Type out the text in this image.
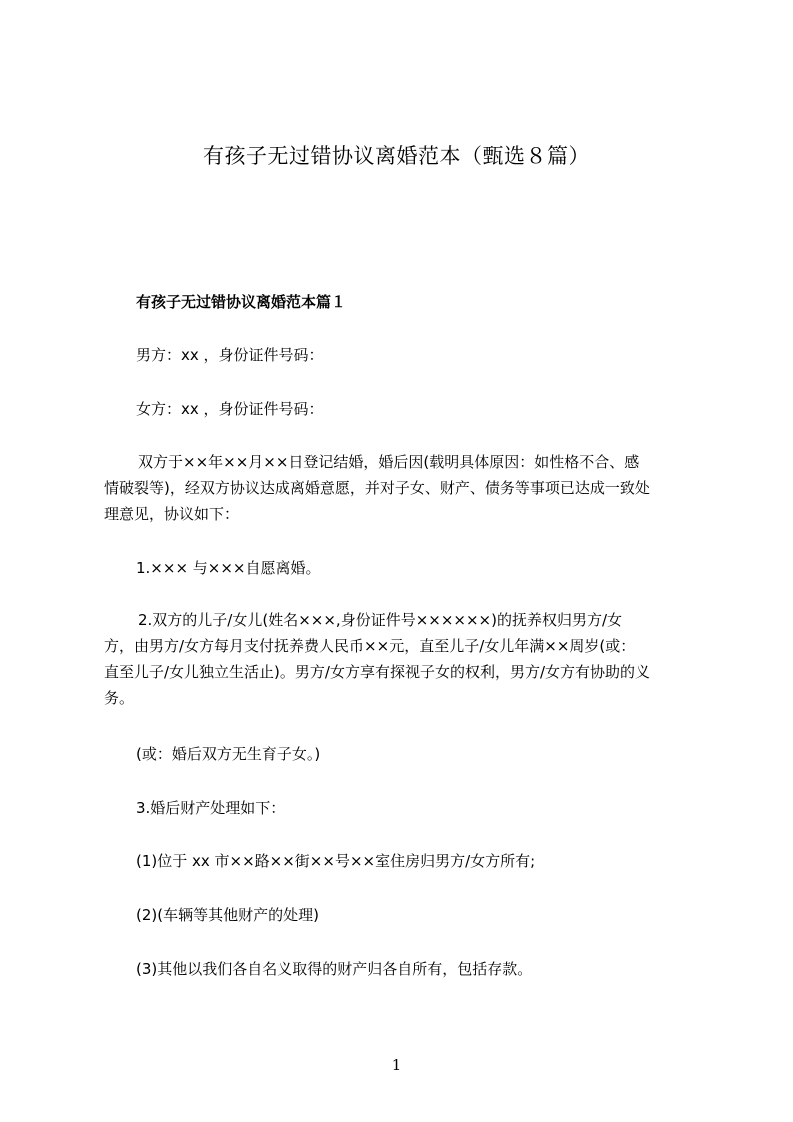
有孩子无过错协议离婚范本（甄选８篇）
有孩子无过错协议离婚范本篇１
男方：xx ，身份证件号码：
女方：xx ，身份证件号码：
双方于××年××月××日登记结婚，婚后因(载明具体原因：如性格不合、感
情破裂等)，经双方协议达成离婚意愿，并对子女、财产、债务等事项已达成一致处
理意见，协议如下：
1.××× 与×××自愿离婚。
2.双方的儿子/女儿(姓名×××,身份证件号××××××)的抚养权归男方/女
方，由男方/女方每月支付抚养费人民币××元，直至儿子/女儿年满××周岁(或：
直至儿子/女儿独立生活止)。男方/女方享有探视子女的权利，男方/女方有协助的义
务。
(或：婚后双方无生育子女。)
3.婚后财产处理如下：
(1)位于 xx 市××路××街××号××室住房归男方/女方所有;
(2)(车辆等其他财产的处理)
(3)其他以我们各自名义取得的财产归各自所有，包括存款。
1
